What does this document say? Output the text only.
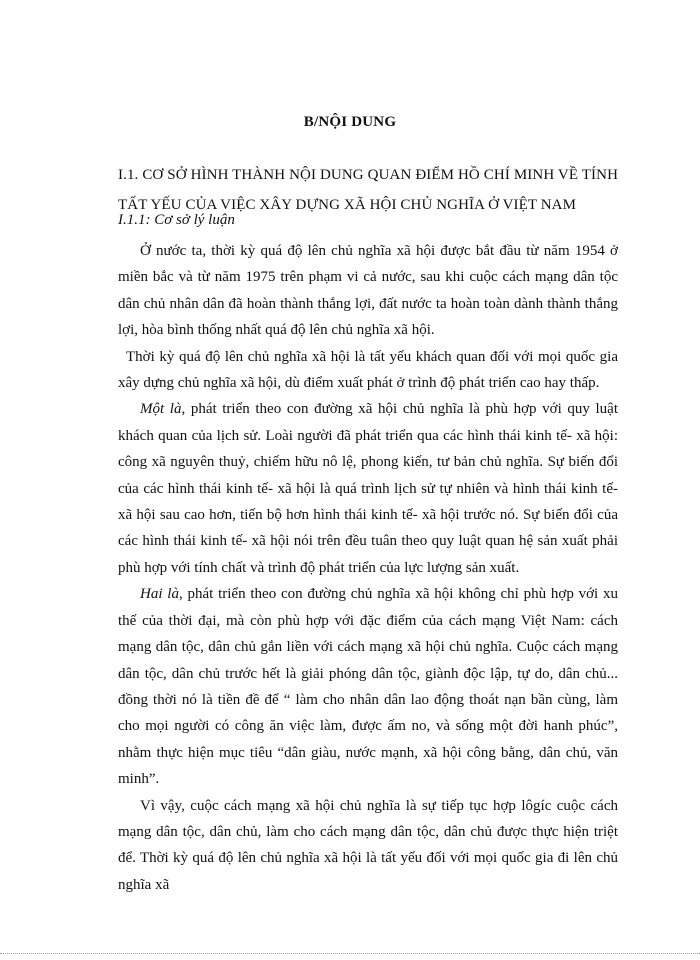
B/NỘI DUNG
I.1. CƠ SỞ HÌNH THÀNH NỘI DUNG QUAN ĐIỂM HỒ CHÍ MINH VỀ TÍNH
TẤT YẾU CỦA VIỆC XÂY DỰNG XÃ HỘI CHỦ NGHĨA Ở VIỆT NAM
I.1.1: Cơ sở lý luận

Ở nước ta, thời kỳ quá độ lên chủ nghĩa xã hội được bắt đầu từ năm 1954 ở miền bắc và từ năm 1975 trên phạm vi cả nước, sau khi cuộc cách mạng dân tộc dân chủ nhân dân đã hoàn thành thắng lợi, đất nước ta hoàn toàn dành thành thắng lợi, hòa bình thống nhất quá độ lên chủ nghĩa xã hội.

Thời kỳ quá độ lên chủ nghĩa xã hội là tất yếu khách quan đối với mọi quốc gia xây dựng chủ nghĩa xã hội, dù điểm xuất phát ở trình độ phát triển cao hay thấp.

Một là, phát triển theo con đường xã hội chủ nghĩa là phù hợp với quy luật khách quan của lịch sử. Loài người đã phát triển qua các hình thái kinh tế- xã hội: công xã nguyên thuỷ, chiếm hữu nô lệ, phong kiến, tư bản chủ nghĩa. Sự biến đổi của các hình thái kinh tế- xã hội là quá trình lịch sử tự nhiên và hình thái kinh tế- xã hội sau cao hơn, tiến bộ hơn hình thái kinh tế- xã hội trước nó. Sự biến đổi của các hình thái kinh tế- xã hội nói trên đều tuân theo quy luật quan hệ sản xuất phải phù hợp với tính chất và trình độ phát triển của lực lượng sản xuất.

Hai là, phát triển theo con đường chủ nghĩa xã hội không chỉ phù hợp với xu thế của thời đại, mà còn phù hợp với đặc điểm của cách mạng Việt Nam: cách mạng dân tộc, dân chủ gắn liền với cách mạng xã hội chủ nghĩa. Cuộc cách mạng dân tộc, dân chủ trước hết là giải phóng dân tộc, giành độc lập, tự do, dân chủ... đồng thời nó là tiền đề để “ làm cho nhân dân lao động thoát nạn bần cùng, làm cho mọi người có công ăn việc làm, được ấm no, và sống một đời hanh phúc”, nhằm thực hiện mục tiêu “dân giàu, nước mạnh, xã hội công bằng, dân chủ, văn minh”.

Vì vậy, cuộc cách mạng xã hội chủ nghĩa là sự tiếp tục hợp lôgíc cuộc cách mạng dân tộc, dân chủ, làm cho cách mạng dân tộc, dân chủ được thực hiện triệt để. Thời kỳ quá độ lên chủ nghĩa xã hội là tất yếu đối với mọi quốc gia đi lên chủ nghĩa xã
